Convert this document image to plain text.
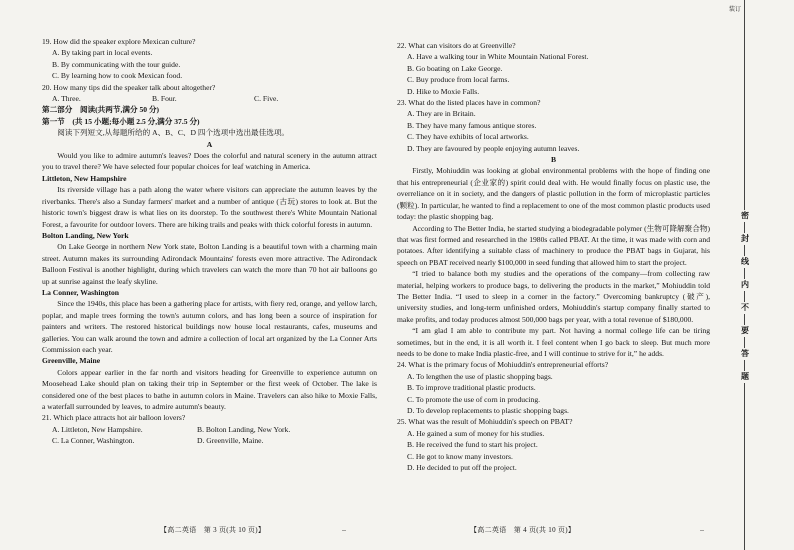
19. How did the speaker explore Mexican culture?

A. By taking part in local events.

B. By communicating with the tour guide.

C. By learning how to cook Mexican food.

20. How many tips did the speaker talk about altogether?

A. Three.	B. Four.	C. Five.

第二部分　阅读(共两节,满分 50 分)

第一节　(共 15 小题;每小题 2.5 分,满分 37.5 分)

阅读下列短文,从每题所给的 A、B、C、D 四个选项中选出最佳选项。

A

Would you like to admire autumn's leaves? Does the colorful and natural scenery in the autumn attract you to travel there? We have selected four popular choices for leaf watching in America.

Littleton, New Hampshire

Its riverside village has a path along the water where visitors can appreciate the autumn leaves by the riverbanks. There's also a Sunday farmers' market and a number of antique (古玩) stores to look at. But the historic town's biggest draw is what lies on its doorstep. To the southwest there's White Mountain National Forest, a favourite for outdoor lovers. There are hiking trails and peaks with thick colorful forests in autumn.

Bolton Landing, New York

On Lake George in northern New York state, Bolton Landing is a beautiful town with a charming main street. Autumn makes its surrounding Adirondack Mountains' forests even more attractive. The Adirondack Balloon Festival is another highlight, during which travelers can watch the more than 70 hot air balloons go up at sunrise against the leafy skyline.

La Conner, Washington

Since the 1940s, this place has been a gathering place for artists, with fiery red, orange, and yellow larch, poplar, and maple trees forming the town's autumn colors, and has long been a source of inspiration for painters and writers. The restored historical buildings now house local restaurants, cafes, museums and galleries. You can walk around the town and admire a collection of local art organized by the La Conner Arts Commission each year.

Greenville, Maine

Colors appear earlier in the far north and visitors heading for Greenville to experience autumn on Moosehead Lake should plan on taking their trip in September or the first week of October. The lake is considered one of the best places to bathe in autumn colors in Maine. Travelers can also hike to Moxie Falls, a waterfall surrounded by leaves, to admire autumn's beauty.

21. Which place attracts hot air balloon lovers?

A. Littleton, New Hampshire.	B. Bolton Landing, New York.
C. La Conner, Washington.	D. Greenville, Maine.

22. What can visitors do at Greenville?

A. Have a walking tour in White Mountain National Forest.

B. Go boating on Lake George.

C. Buy produce from local farms.

D. Hike to Moxie Falls.

23. What do the listed places have in common?

A. They are in Britain.

B. They have many famous antique stores.

C. They have exhibits of local artworks.

D. They are favoured by people enjoying autumn leaves.

B

Firstly, Mohiuddin was looking at global environmental problems with the hope of finding one that his entrepreneurial (企业家的) spirit could deal with. He would finally focus on plastic use, the overreliance on it in society, and the dangers of plastic pollution in the form of microplastic particles (颗粒). In particular, he wanted to find a replacement to one of the most common plastic products used today: the plastic shopping bag.

According to The Better India, he started studying a biodegradable polymer (生物可降解聚合物) that was first formed and researched in the 1980s called PBAT. At the time, it was made with corn and potatoes. After identifying a suitable class of machinery to produce the PBAT bags in Gujarat, his speech on PBAT received nearly $100,000 in seed funding that allowed him to start the project.

“I tried to balance both my studies and the operations of the company—from collecting raw material, helping workers to produce bags, to delivering the products in the market,” Mohiuddin told The Better India. “I used to sleep in a corner in the factory.” Overcoming bankruptcy (破产), university studies, and long-term unfinished orders, Mohiuddin's startup company finally started to make profits, and today produces almost 500,000 bags per year, with a total revenue of $180,000.

“I am glad I am able to contribute my part. Not having a normal college life can be tiring sometimes, but in the end, it is all worth it. I feel content when I go back to sleep. But much more needs to be done to make India plastic-free, and I will continue to strive for it,” he adds.

24. What is the primary focus of Mohiuddin's entrepreneurial efforts?

A. To lengthen the use of plastic shopping bags.

B. To improve traditional plastic products.

C. To promote the use of corn in producing.

D. To develop replacements to plastic shopping bags.

25. What was the result of Mohiuddin's speech on PBAT?

A. He gained a sum of money for his studies.

B. He received the fund to start his project.

C. He got to know many investors.

D. He decided to put off the project.

【高二英语　第 3 页(共 10 页)】	【高二英语　第 4 页(共 10 页)】
--	--
装订
密
封
线
内
不
要
答
题
